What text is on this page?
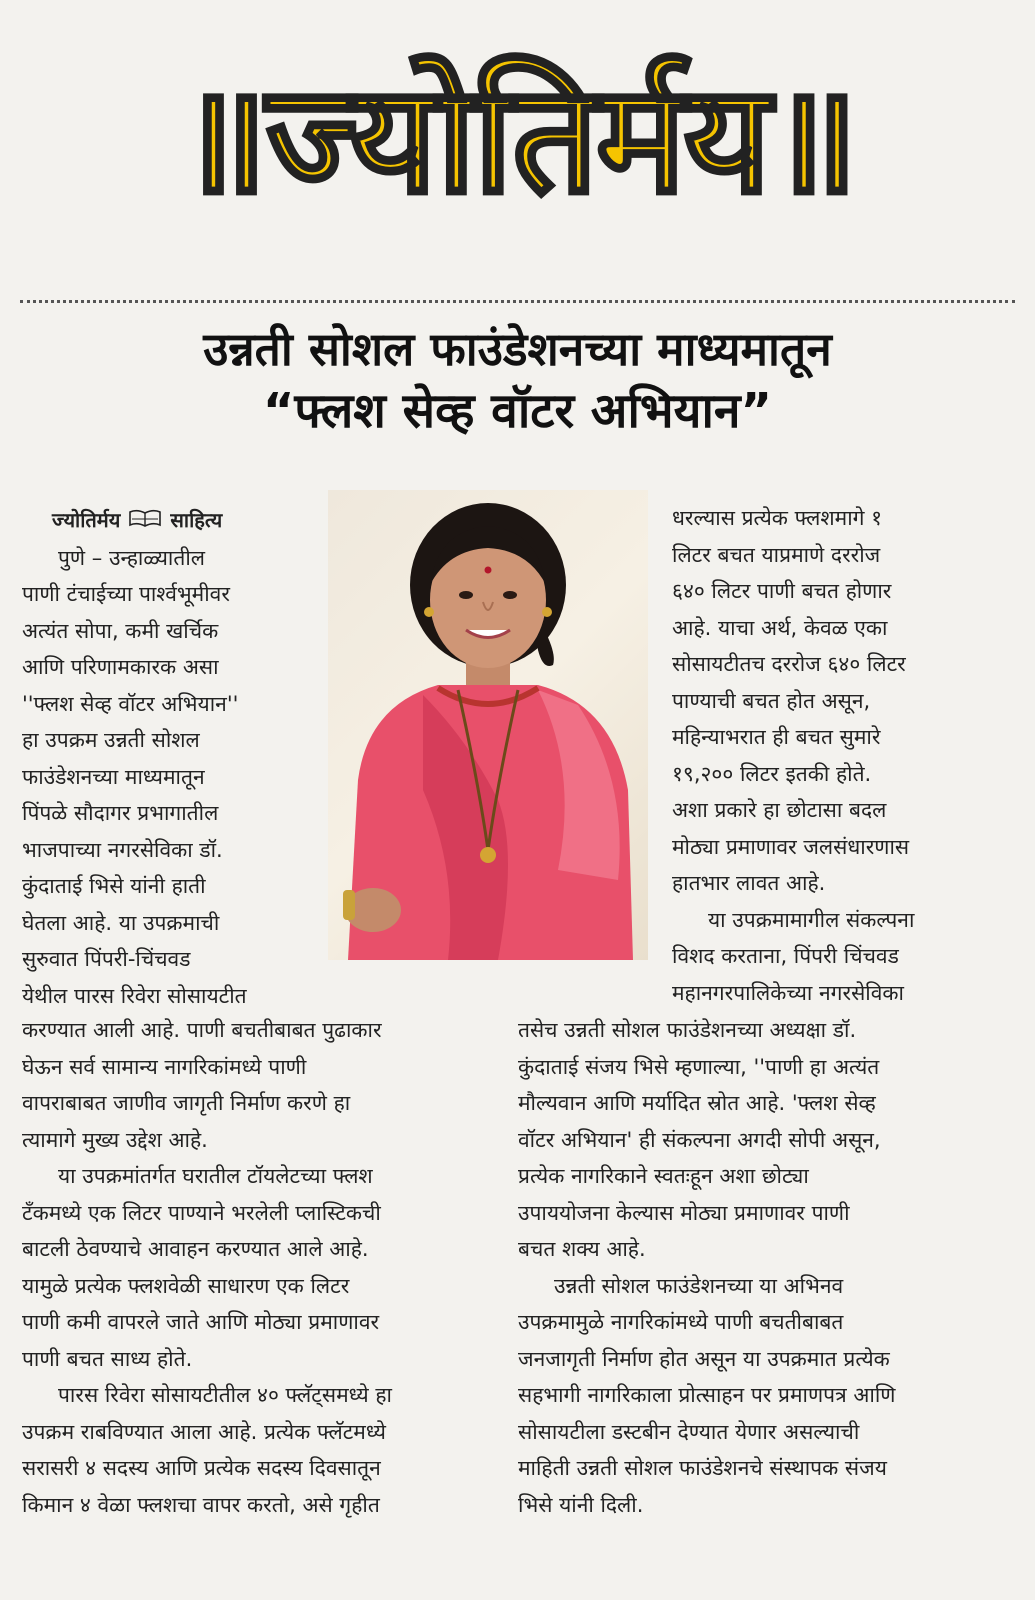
॥ज्योतिर्मय॥
उन्नती सोशल फाउंडेशनच्या माध्यमातून
“फ्लश सेव्ह वॉटर अभियान”

ज्योतिर्मय	साहित्य

पुणे – उन्हाळ्यातील

पाणी टंचाईच्या पार्श्वभूमीवर

अत्यंत सोपा, कमी खर्चिक

आणि परिणामकारक असा

''फ्लश सेव्ह वॉटर अभियान''

हा उपक्रम उन्नती सोशल

फाउंडेशनच्या माध्यमातून

पिंपळे सौदागर प्रभागातील

भाजपाच्या नगरसेविका डॉ.

कुंदाताई भिसे यांनी हाती

घेतला आहे. या उपक्रमाची

सुरुवात पिंपरी-चिंचवड

येथील पारस रिवेरा सोसायटीत

धरल्यास प्रत्येक फ्लशमागे १

लिटर बचत याप्रमाणे दररोज

६४० लिटर पाणी बचत होणार

आहे. याचा अर्थ, केवळ एका

सोसायटीतच दररोज ६४० लिटर

पाण्याची बचत होत असून,

महिन्याभरात ही बचत सुमारे

१९,२०० लिटर इतकी होते.

अशा प्रकारे हा छोटासा बदल

मोठ्या प्रमाणावर जलसंधारणास

हातभार लावत आहे.

या उपक्रमामागील संकल्पना

विशद करताना, पिंपरी चिंचवड

महानगरपालिकेच्या नगरसेविका

करण्यात आली आहे. पाणी बचतीबाबत पुढाकार

घेऊन सर्व सामान्य नागरिकांमध्ये पाणी

वापराबाबत जाणीव जागृती निर्माण करणे हा

त्यामागे मुख्य उद्देश आहे.

या उपक्रमांतर्गत घरातील टॉयलेटच्या फ्लश

टँकमध्ये एक लिटर पाण्याने भरलेली प्लास्टिकची

बाटली ठेवण्याचे आवाहन करण्यात आले आहे.

यामुळे प्रत्येक फ्लशवेळी साधारण एक लिटर

पाणी कमी वापरले जाते आणि मोठ्या प्रमाणावर

पाणी बचत साध्य होते.

पारस रिवेरा सोसायटीतील ४० फ्लॅट्समध्ये हा

उपक्रम राबविण्यात आला आहे. प्रत्येक फ्लॅटमध्ये

सरासरी ४ सदस्य आणि प्रत्येक सदस्य दिवसातून

किमान ४ वेळा फ्लशचा वापर करतो, असे गृहीत

तसेच उन्नती सोशल फाउंडेशनच्या अध्यक्षा डॉ.

कुंदाताई संजय भिसे म्हणाल्या, ''पाणी हा अत्यंत

मौल्यवान आणि मर्यादित स्रोत आहे. 'फ्लश सेव्ह

वॉटर अभियान' ही संकल्पना अगदी सोपी असून,

प्रत्येक नागरिकाने स्वतःहून अशा छोट्या

उपाययोजना केल्यास मोठ्या प्रमाणावर पाणी

बचत शक्य आहे.

उन्नती सोशल फाउंडेशनच्या या अभिनव

उपक्रमामुळे नागरिकांमध्ये पाणी बचतीबाबत

जनजागृती निर्माण होत असून या उपक्रमात प्रत्येक

सहभागी नागरिकाला प्रोत्साहन पर प्रमाणपत्र आणि

सोसायटीला डस्टबीन देण्यात येणार असल्याची

माहिती उन्नती सोशल फाउंडेशनचे संस्थापक संजय

भिसे यांनी दिली.
